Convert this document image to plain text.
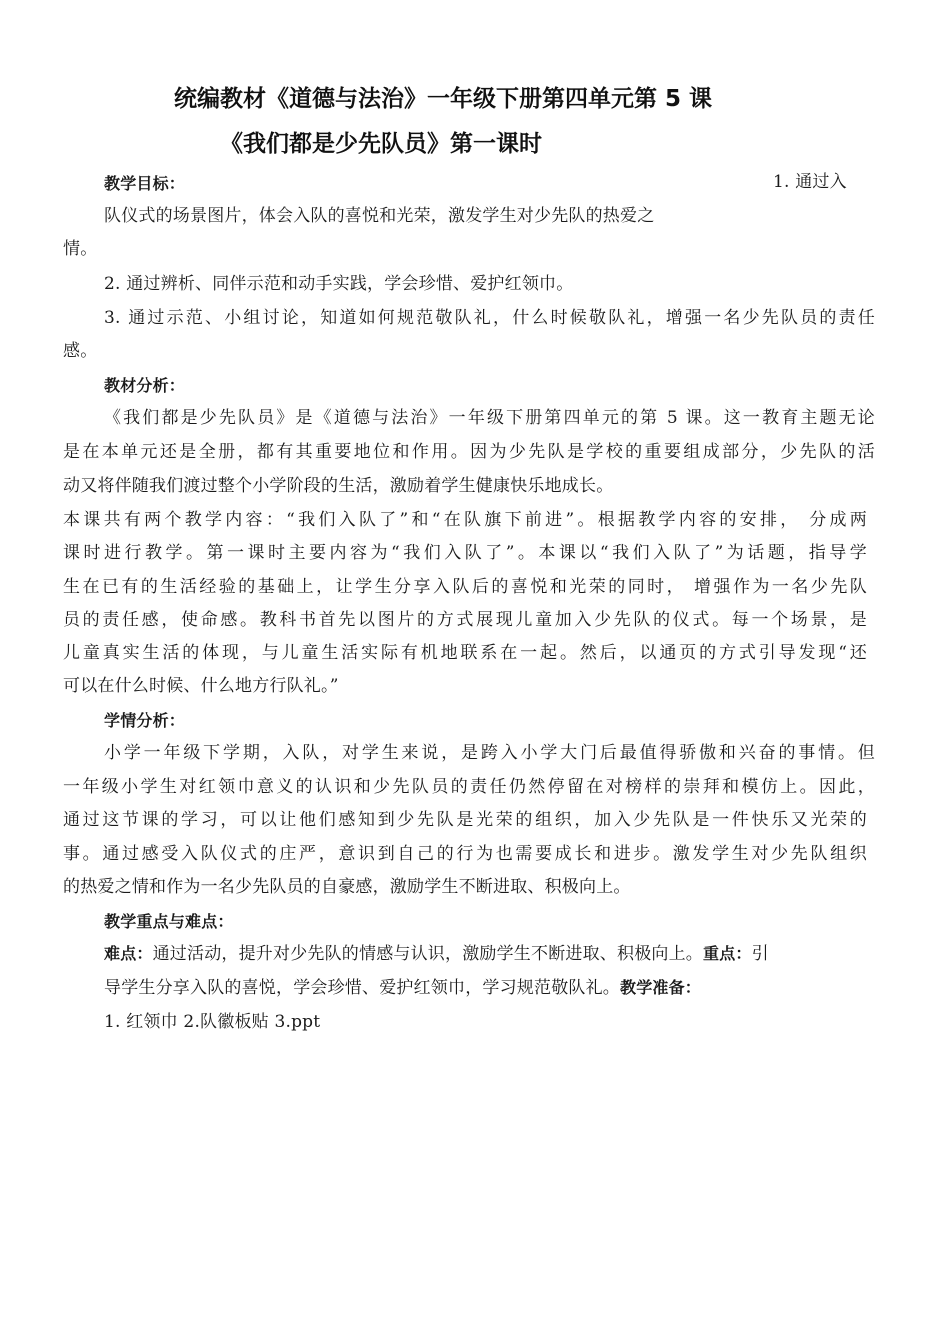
统编教材《道德与法治》一年级下册第四单元第 5 课
《我们都是少先队员》第一课时
教学目标：	1. 通过入
队仪式的场景图片，体会入队的喜悦和光荣，激发学生对少先队的热爱之
情。
2. 通过辨析、同伴示范和动手实践，学会珍惜、爱护红领巾。
3. 通过示范、小组讨论，知道如何规范敬队礼，什么时候敬队礼，增强一名少先队员的责任
感。
教材分析：
《我们都是少先队员》是《道德与法治》一年级下册第四单元的第 5 课。这一教育主题无论
是在本单元还是全册，都有其重要地位和作用。因为少先队是学校的重要组成部分，少先队的活
动又将伴随我们渡过整个小学阶段的生活，激励着学生健康快乐地成长。
本课共有两个教学内容：“我们入队了”和“在队旗下前进”。根据教学内容的安排， 分成两
课时进行教学。第一课时主要内容为“我们入队了”。本课以“我们入队了”为话题，指导学
生在已有的生活经验的基础上，让学生分享入队后的喜悦和光荣的同时， 增强作为一名少先队
员的责任感，使命感。教科书首先以图片的方式展现儿童加入少先队的仪式。每一个场景，是
儿童真实生活的体现，与儿童生活实际有机地联系在一起。然后，以通页的方式引导发现“还
可以在什么时候、什么地方行队礼。”
学情分析：
小学一年级下学期，入队，对学生来说，是跨入小学大门后最值得骄傲和兴奋的事情。但
一年级小学生对红领巾意义的认识和少先队员的责任仍然停留在对榜样的崇拜和模仿上。因此，
通过这节课的学习，可以让他们感知到少先队是光荣的组织，加入少先队是一件快乐又光荣的
事。通过感受入队仪式的庄严，意识到自己的行为也需要成长和进步。激发学生对少先队组织
的热爱之情和作为一名少先队员的自豪感，激励学生不断进取、积极向上。
教学重点与难点：
难点：通过活动，提升对少先队的情感与认识，激励学生不断进取、积极向上。重点：引
导学生分享入队的喜悦，学会珍惜、爱护红领巾，学习规范敬队礼。教学准备：
1. 红领巾 2.队徽板贴 3.ppt
